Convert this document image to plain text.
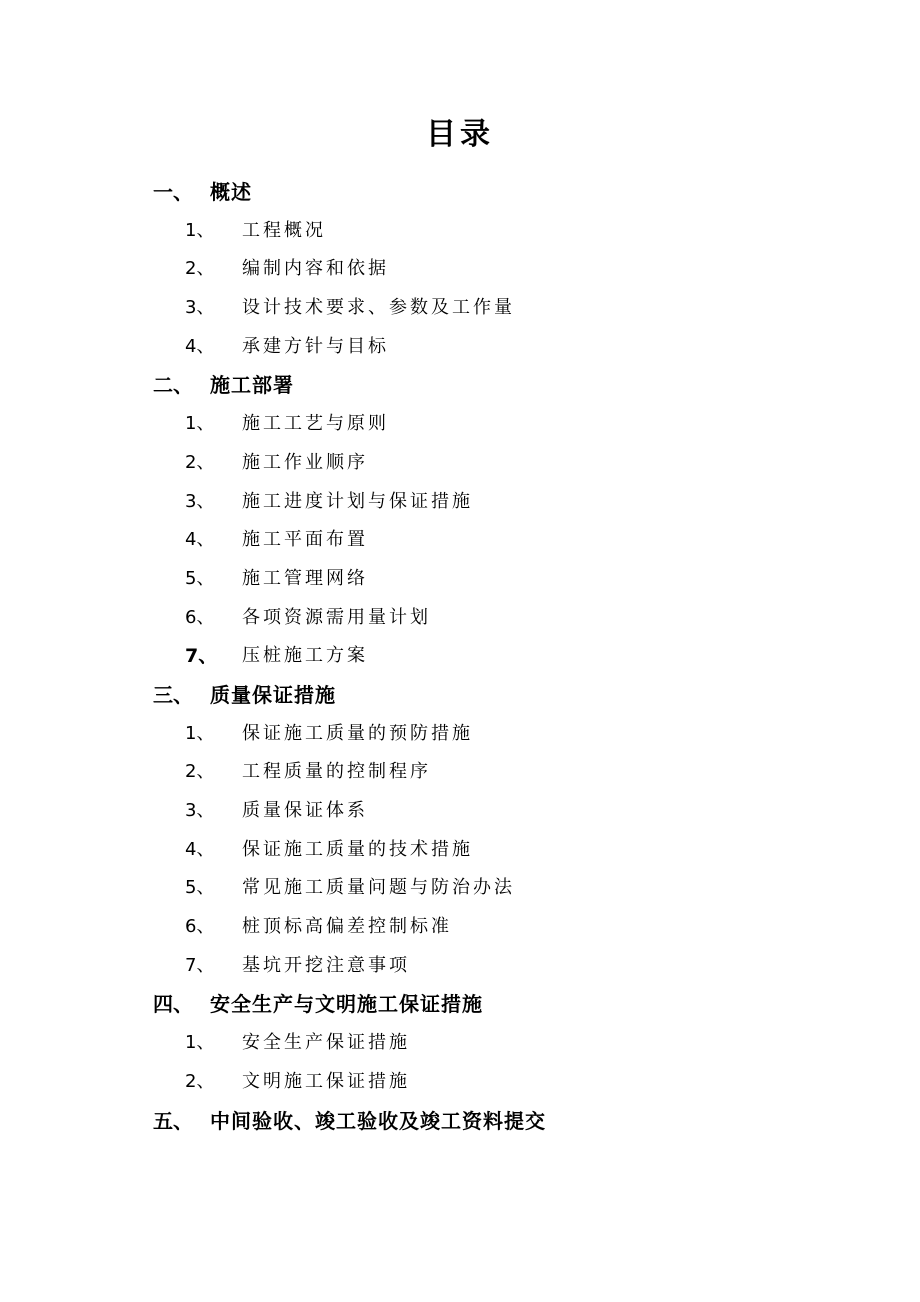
目录
一、 概述
1、 工程概况
2、 编制内容和依据
3、 设计技术要求、参数及工作量
4、 承建方针与目标
二、 施工部署
1、 施工工艺与原则
2、 施工作业顺序
3、 施工进度计划与保证措施
4、 施工平面布置
5、 施工管理网络
6、 各项资源需用量计划
7、 压桩施工方案
三、 质量保证措施
1、 保证施工质量的预防措施
2、 工程质量的控制程序
3、 质量保证体系
4、 保证施工质量的技术措施
5、 常见施工质量问题与防治办法
6、 桩顶标高偏差控制标准
7、 基坑开挖注意事项
四、 安全生产与文明施工保证措施
1、 安全生产保证措施
2、 文明施工保证措施
五、 中间验收、竣工验收及竣工资料提交
